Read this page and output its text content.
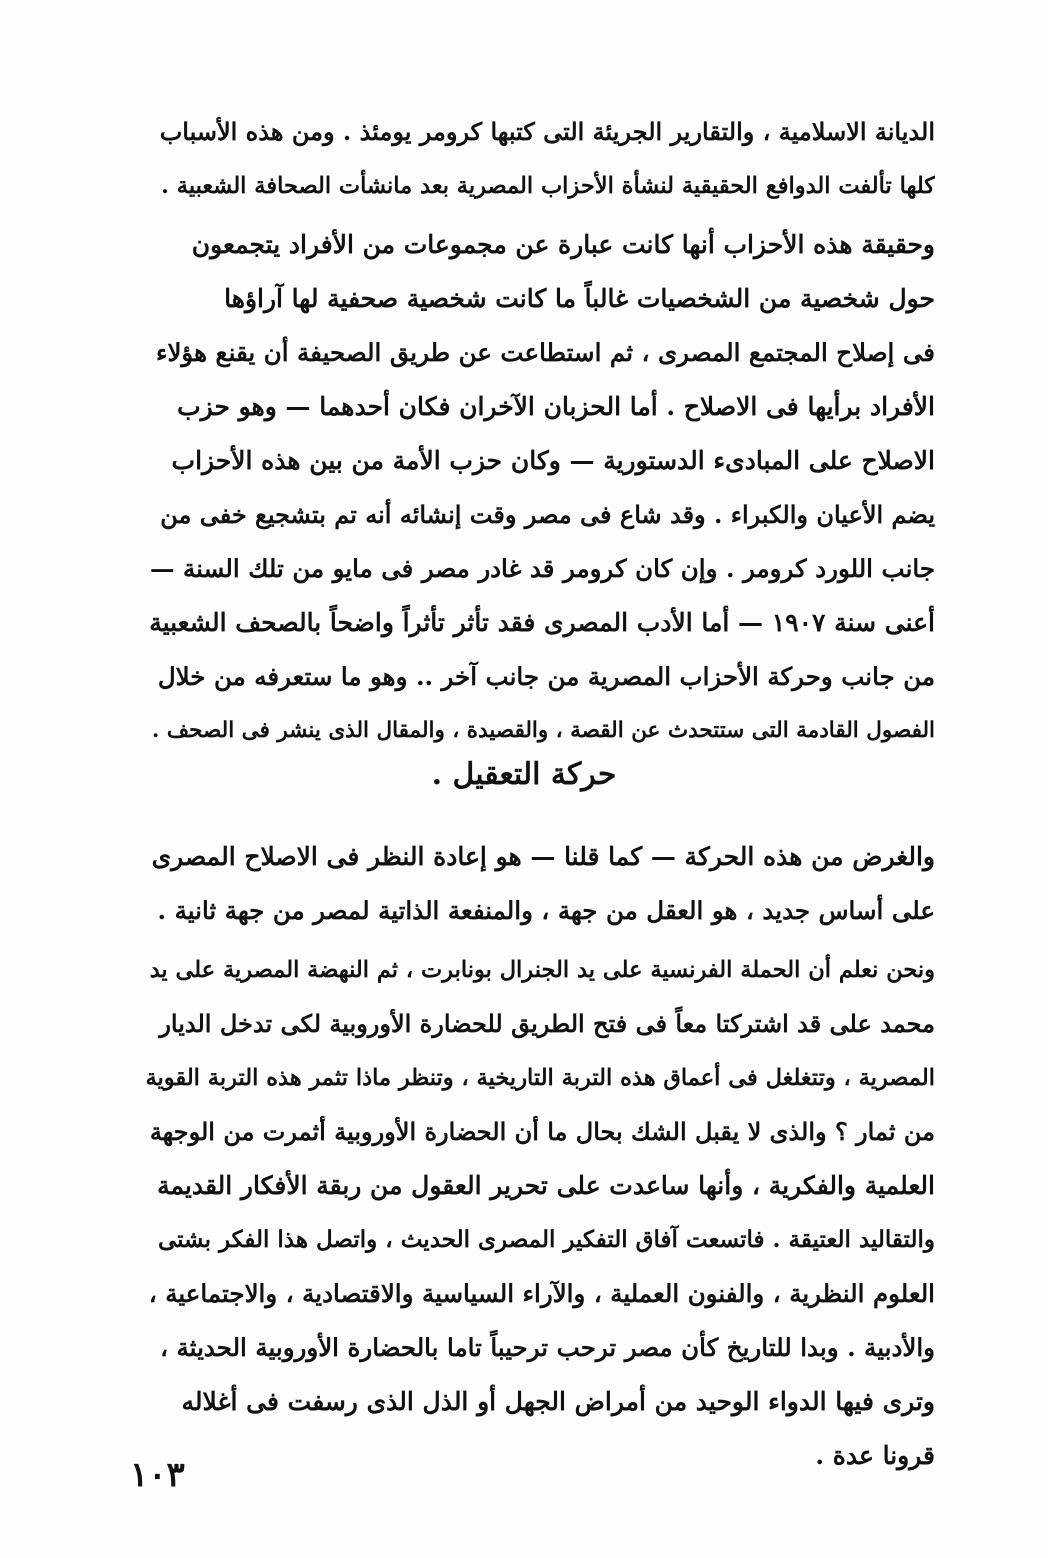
الديانة الاسلامية ، والتقارير الجريئة التى كتبها كرومر يومئذ . ومن هذه الأسباب
كلها تألفت الدوافع الحقيقية لنشأة الأحزاب المصرية بعد مانشأت الصحافة الشعبية .
وحقيقة هذه الأحزاب أنها كانت عبارة عن مجموعات من الأفراد يتجمعون
حول شخصية من الشخصيات غالباً ما كانت شخصية صحفية لها آراؤها
فى إصلاح المجتمع المصرى ، ثم استطاعت عن طريق الصحيفة أن يقنع هؤلاء
الأفراد برأيها فى الاصلاح . أما الحزبان الآخران فكان أحدهما — وهو حزب
الاصلاح على المبادىء الدستورية — وكان حزب الأمة من بين هذه الأحزاب
يضم الأعيان والكبراء . وقد شاع فى مصر وقت إنشائه أنه تم بتشجيع خفى من
جانب اللورد كرومر . وإن كان كرومر قد غادر مصر فى مايو من تلك السنة —
أعنى سنة ١٩٠٧ — أما الأدب المصرى فقد تأثر تأثراً واضحاً بالصحف الشعبية
من جانب وحركة الأحزاب المصرية من جانب آخر .. وهو ما ستعرفه من خلال
الفصول القادمة التى ستتحدث عن القصة ، والقصيدة ، والمقال الذى ينشر فى الصحف .
حركة التعقيل .
والغرض من هذه الحركة — كما قلنا — هو إعادة النظر فى الاصلاح المصرى
على أساس جديد ، هو العقل من جهة ، والمنفعة الذاتية لمصر من جهة ثانية .
ونحن نعلم أن الحملة الفرنسية على يد الجنرال بونابرت ، ثم النهضة المصرية على يد
محمد على قد اشتركتا معاً فى فتح الطريق للحضارة الأوروبية لكى تدخل الديار
المصرية ، وتتغلغل فى أعماق هذه التربة التاريخية ، وتنظر ماذا تثمر هذه التربة القوية
من ثمار ؟ والذى لا يقبل الشك بحال ما أن الحضارة الأوروبية أثمرت من الوجهة
العلمية والفكرية ، وأنها ساعدت على تحرير العقول من ربقة الأفكار القديمة
والتقاليد العتيقة . فاتسعت آفاق التفكير المصرى الحديث ، واتصل هذا الفكر بشتى
العلوم النظرية ، والفنون العملية ، والآراء السياسية والاقتصادية ، والاجتماعية ،
والأدبية . وبدا للتاريخ كأن مصر ترحب ترحيباً تاما بالحضارة الأوروبية الحديثة ،
وترى فيها الدواء الوحيد من أمراض الجهل أو الذل الذى رسفت فى أغلاله
قرونا عدة .
١٠٣
